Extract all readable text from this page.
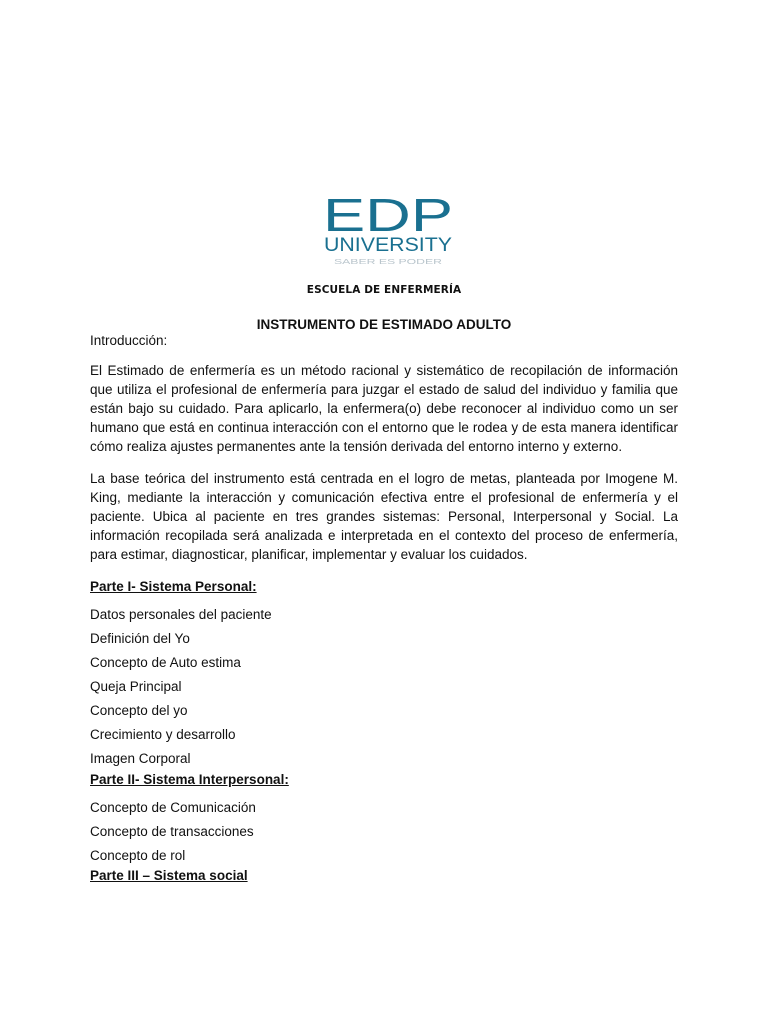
EDP
UNIVERSITY
SABER ES PODER
ESCUELA DE ENFERMERÍA
INSTRUMENTO DE ESTIMADO ADULTO

Introducción:

El Estimado de enfermería es un método racional y sistemático de recopilación de información que utiliza el profesional de enfermería para juzgar el estado de salud del individuo y familia que están bajo su cuidado. Para aplicarlo, la enfermera(o) debe reconocer al individuo como un ser humano que está en continua interacción con el entorno que le rodea y de esta manera identificar cómo realiza ajustes permanentes ante la tensión derivada del entorno interno y externo.

La base teórica del instrumento está centrada en el logro de metas, planteada por Imogene M. King, mediante la interacción y comunicación efectiva entre el profesional de enfermería y el paciente. Ubica al paciente en tres grandes sistemas: Personal, Interpersonal y Social. La información recopilada será analizada e interpretada en el contexto del proceso de enfermería, para estimar, diagnosticar, planificar, implementar y evaluar los cuidados.

Parte I- Sistema Personal:

Datos personales del paciente
Definición del Yo
Concepto de Auto estima
Queja Principal
Concepto del yo
Crecimiento y desarrollo
Imagen Corporal

Parte II- Sistema Interpersonal:

Concepto de Comunicación
Concepto de transacciones
Concepto de rol

Parte III – Sistema social
